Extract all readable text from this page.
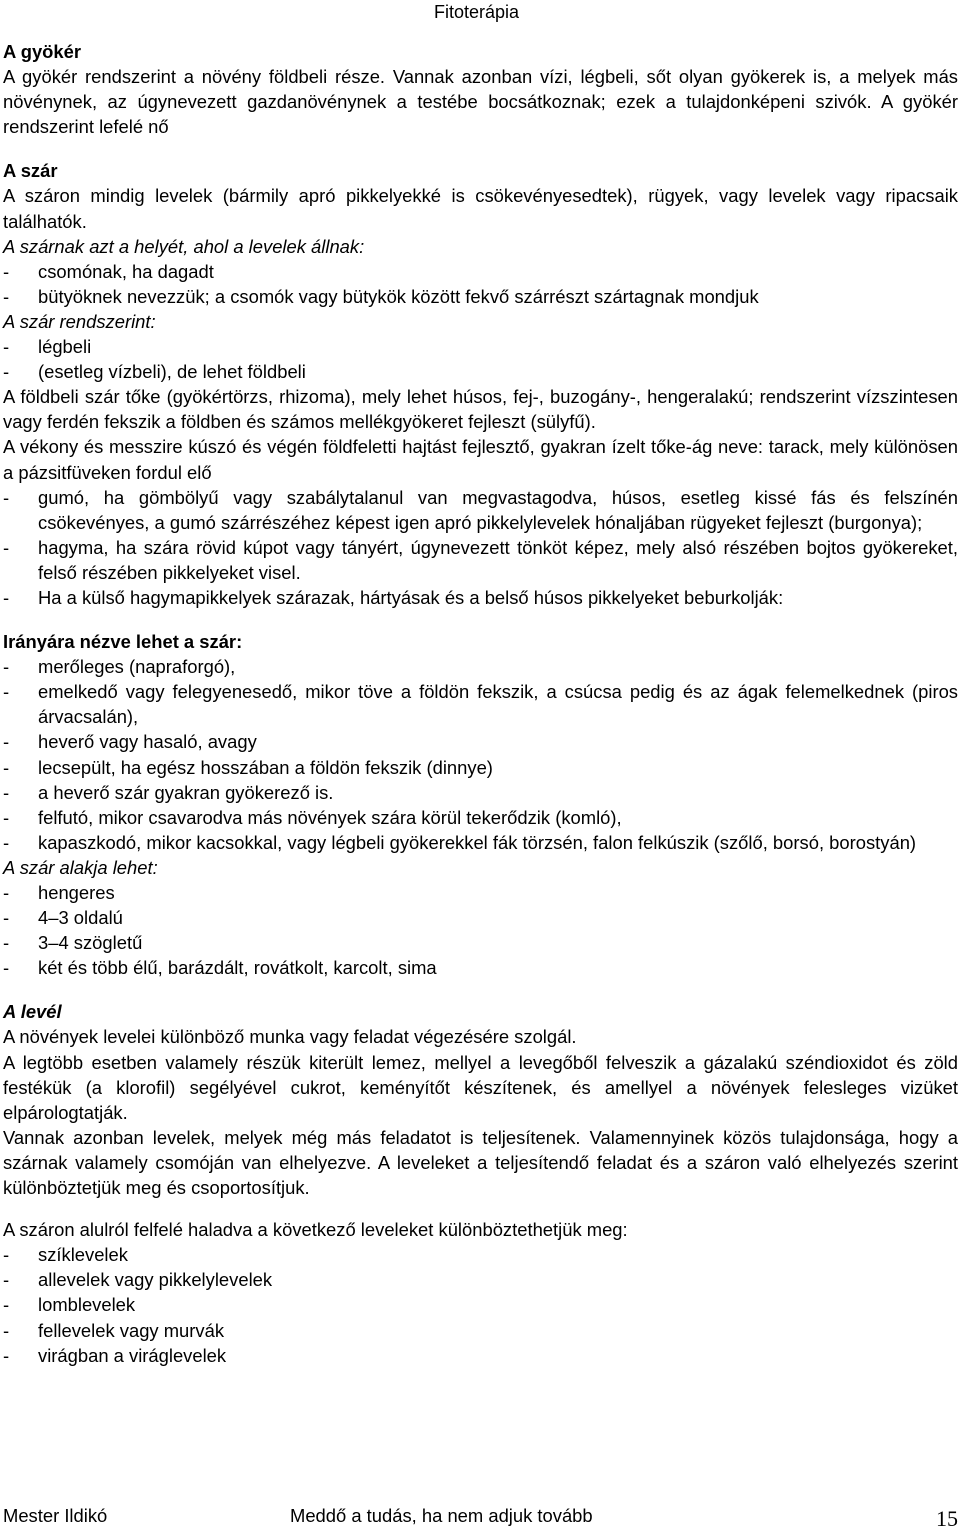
Fitoterápia

A gyökér

A gyökér rendszerint a növény földbeli része. Vannak azonban vízi, légbeli, sőt olyan gyökerek is, a melyek más növénynek, az úgynevezett gazdanövénynek a testébe bocsátkoznak; ezek a tulajdonképeni szivók. A gyökér rendszerint lefelé nő

A szár

A száron mindig levelek (bármily apró pikkelyekké is csökevényesedtek), rügyek, vagy levelek vagy ripacsaik találhatók.

A szárnak azt a helyét, ahol a levelek állnak:

- csomónak, ha dagadt

- bütyöknek nevezzük; a csomók vagy bütykök között fekvő szárrészt szártagnak mondjuk

A szár rendszerint:

- légbeli

- (esetleg vízbeli), de lehet földbeli

A földbeli szár tőke (gyökértörzs, rhizoma), mely lehet húsos, fej-, buzogány-, hengeralakú; rendszerint vízszintesen vagy ferdén fekszik a földben és számos mellékgyökeret fejleszt (sülyfű).

A vékony és messzire kúszó és végén földfeletti hajtást fejlesztő, gyakran ízelt tőke-ág neve: tarack, mely különösen a pázsitfüveken fordul elő

- gumó, ha gömbölyű vagy szabálytalanul van megvastagodva, húsos, esetleg kissé fás és felszínén csökevényes, a gumó szárrészéhez képest igen apró pikkelylevelek hónaljában rügyeket fejleszt (burgonya);

- hagyma, ha szára rövid kúpot vagy tányért, úgynevezett tönköt képez, mely alsó részében bojtos gyökereket, felső részében pikkelyeket visel.

- Ha a külső hagymapikkelyek szárazak, hártyásak és a belső húsos pikkelyeket beburkolják:

Irányára nézve lehet a szár:

- merőleges (napraforgó),

- emelkedő vagy felegyenesedő, mikor töve a földön fekszik, a csúcsa pedig és az ágak felemelkednek (piros árvacsalán),

- heverő vagy hasaló, avagy

- lecsepült, ha egész hosszában a földön fekszik (dinnye)

- a heverő szár gyakran gyökerező is.

- felfutó, mikor csavarodva más növények szára körül tekerődzik (komló),

- kapaszkodó, mikor kacsokkal, vagy légbeli gyökerekkel fák törzsén, falon felkúszik (szőlő, borsó, borostyán)

A szár alakja lehet:

- hengeres

- 4–3 oldalú

- 3–4 szögletű

- két és több élű, barázdált, rovátkolt, karcolt, sima

A levél

A növények levelei különböző munka vagy feladat végezésére szolgál.

A legtöbb esetben valamely részük kiterült lemez, mellyel a levegőből felveszik a gázalakú széndioxidot és zöld festékük (a klorofil) segélyével cukrot, keményítőt készítenek, és amellyel a növények felesleges vizüket elpárologtatják.

Vannak azonban levelek, melyek még más feladatot is teljesítenek. Valamennyinek közös tulajdonsága, hogy a szárnak valamely csomóján van elhelyezve. A leveleket a teljesítendő feladat és a száron való elhelyezés szerint különböztetjük meg és csoportosítjuk.

A száron alulról felfelé haladva a következő leveleket különböztethetjük meg:

- szíklevelek

- allevelek vagy pikkelylevelek

- lomblevelek

- fellevelek vagy murvák

- virágban a viráglevelek

Mester Ildikó	Meddő a tudás, ha nem adjuk tovább	15
